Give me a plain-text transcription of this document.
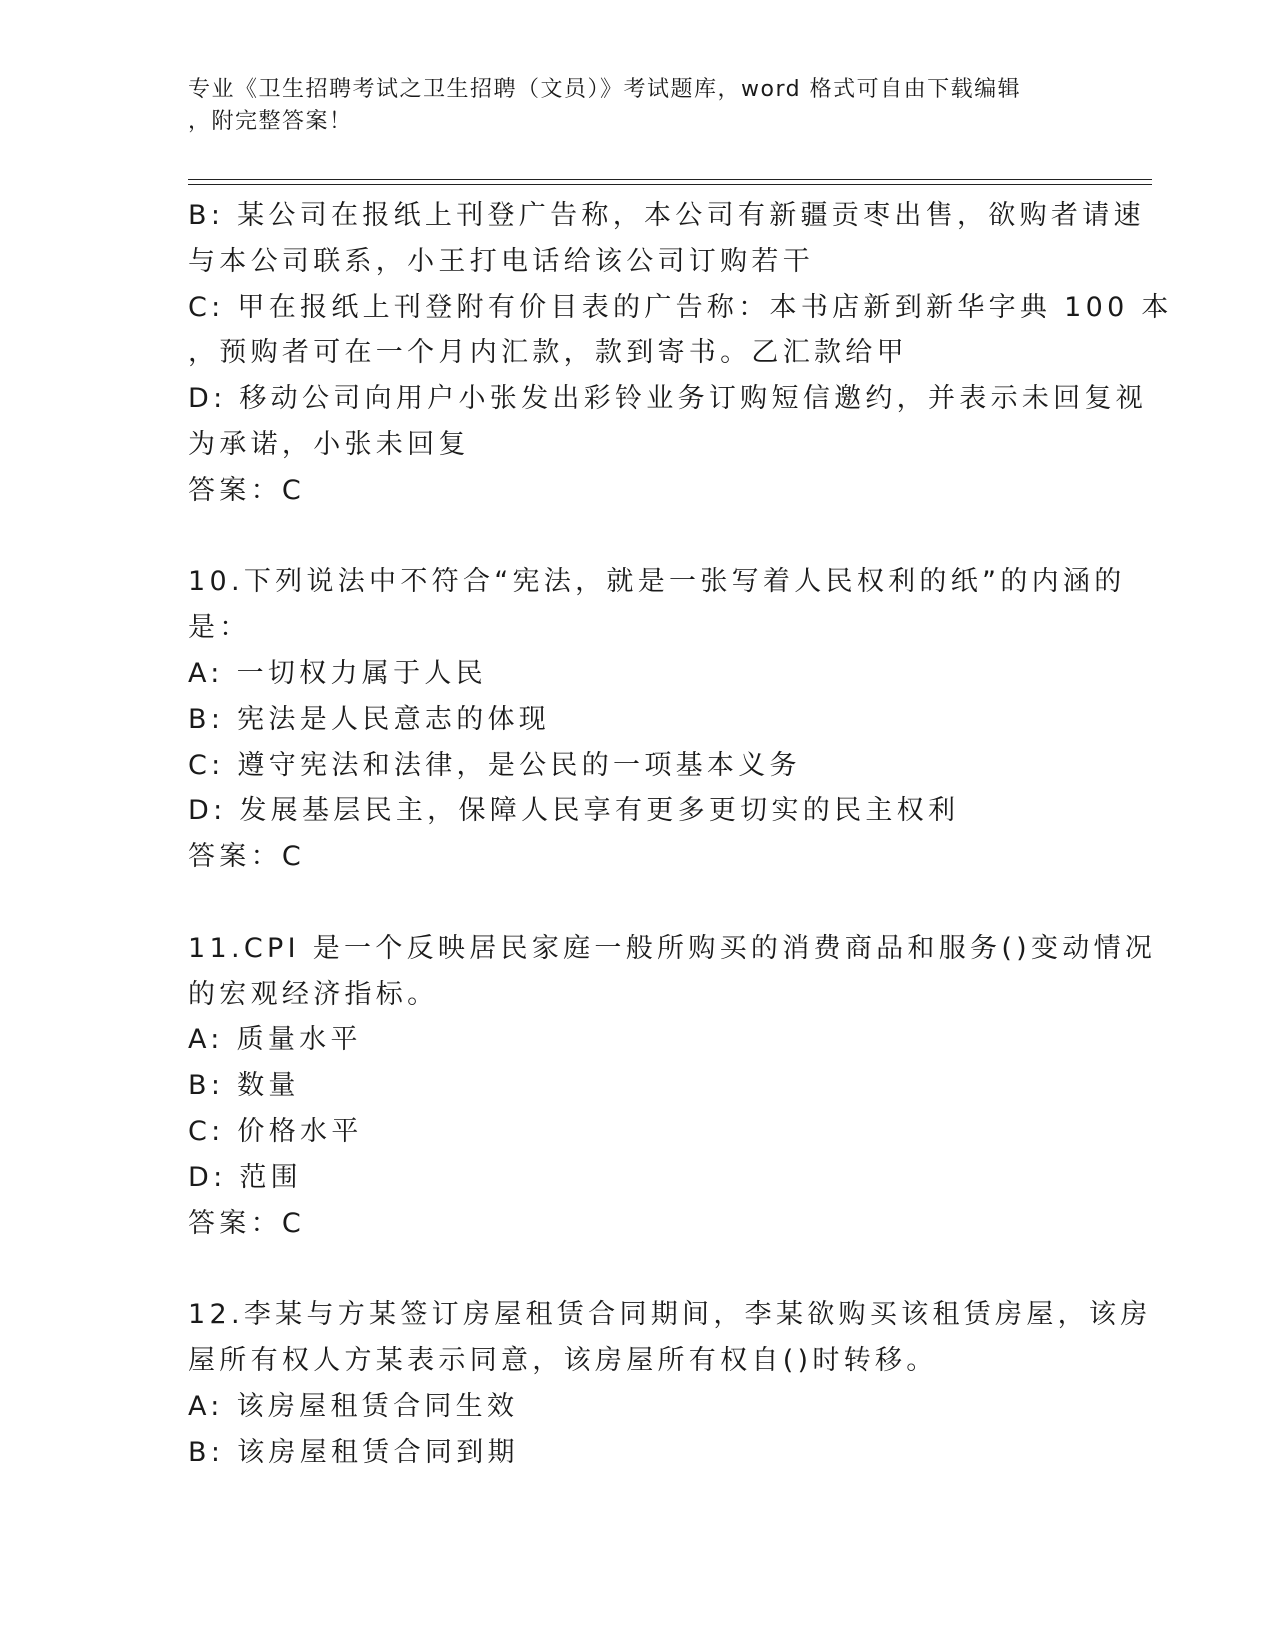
专业《卫生招聘考试之卫生招聘（文员）》考试题库，word 格式可自由下载编辑
，附完整答案！
B: 某公司在报纸上刊登广告称，本公司有新疆贡枣出售，欲购者请速
与本公司联系，小王打电话给该公司订购若干
C: 甲在报纸上刊登附有价目表的广告称：本书店新到新华字典 100 本
，预购者可在一个月内汇款，款到寄书。乙汇款给甲
D: 移动公司向用户小张发出彩铃业务订购短信邀约，并表示未回复视
为承诺，小张未回复
答案：C
10.下列说法中不符合“宪法，就是一张写着人民权利的纸”的内涵的
是：
A: 一切权力属于人民
B: 宪法是人民意志的体现
C: 遵守宪法和法律，是公民的一项基本义务
D: 发展基层民主，保障人民享有更多更切实的民主权利
答案：C
11.CPI 是一个反映居民家庭一般所购买的消费商品和服务()变动情况
的宏观经济指标。
A: 质量水平
B: 数量
C: 价格水平
D: 范围
答案：C
12.李某与方某签订房屋租赁合同期间，李某欲购买该租赁房屋，该房
屋所有权人方某表示同意，该房屋所有权自()时转移。
A: 该房屋租赁合同生效
B: 该房屋租赁合同到期
